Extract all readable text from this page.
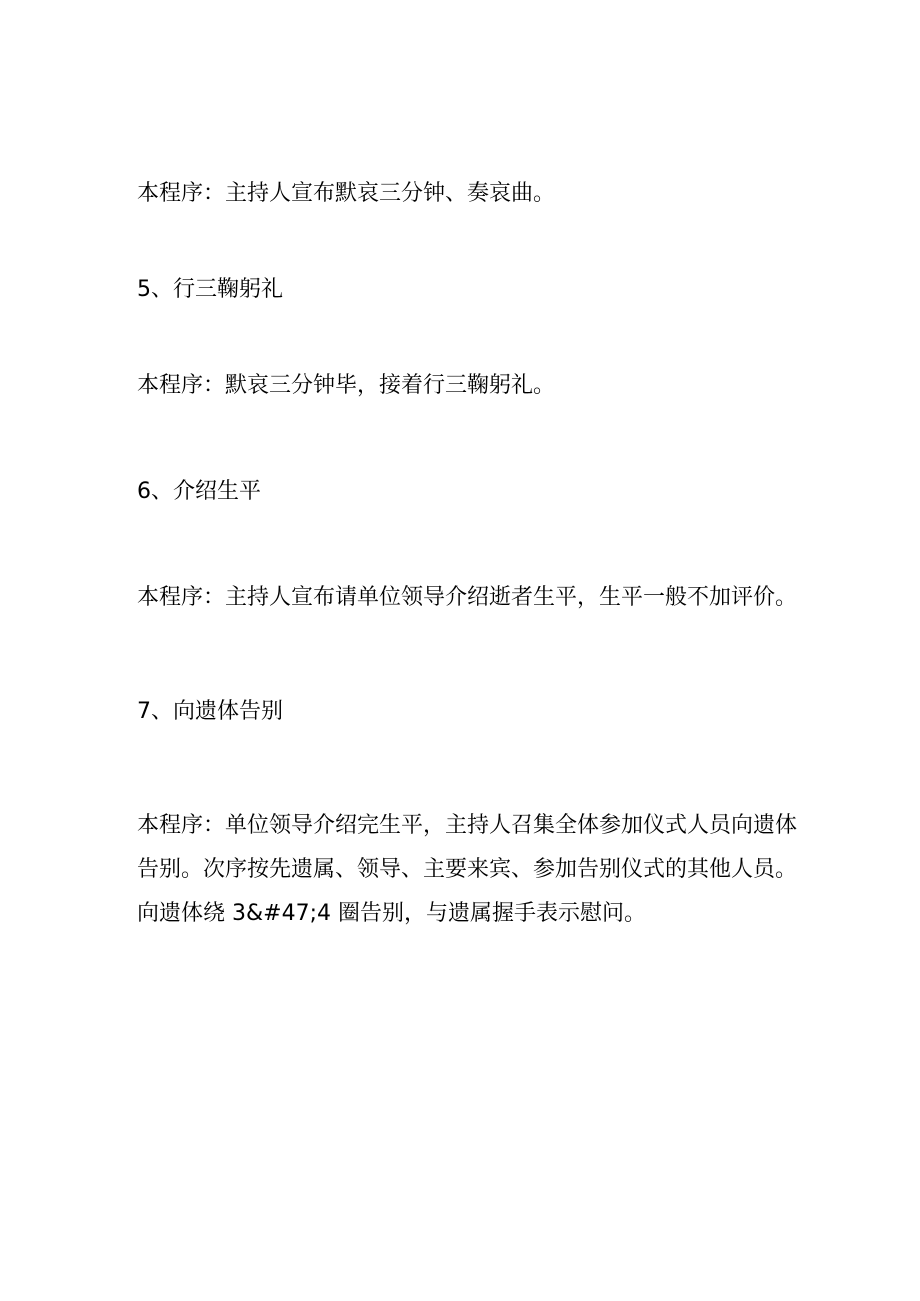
本程序：主持人宣布默哀三分钟、奏哀曲。

5、行三鞠躬礼

本程序：默哀三分钟毕，接着行三鞠躬礼。

6、介绍生平

本程序：主持人宣布请单位领导介绍逝者生平，生平一般不加评价。

7、向遗体告别

本程序：单位领导介绍完生平，主持人召集全体参加仪式人员向遗体告别。次序按先遗属、领导、主要来宾、参加告别仪式的其他人员。向遗体绕 3&#47;4 圈告别，与遗属握手表示慰问。
